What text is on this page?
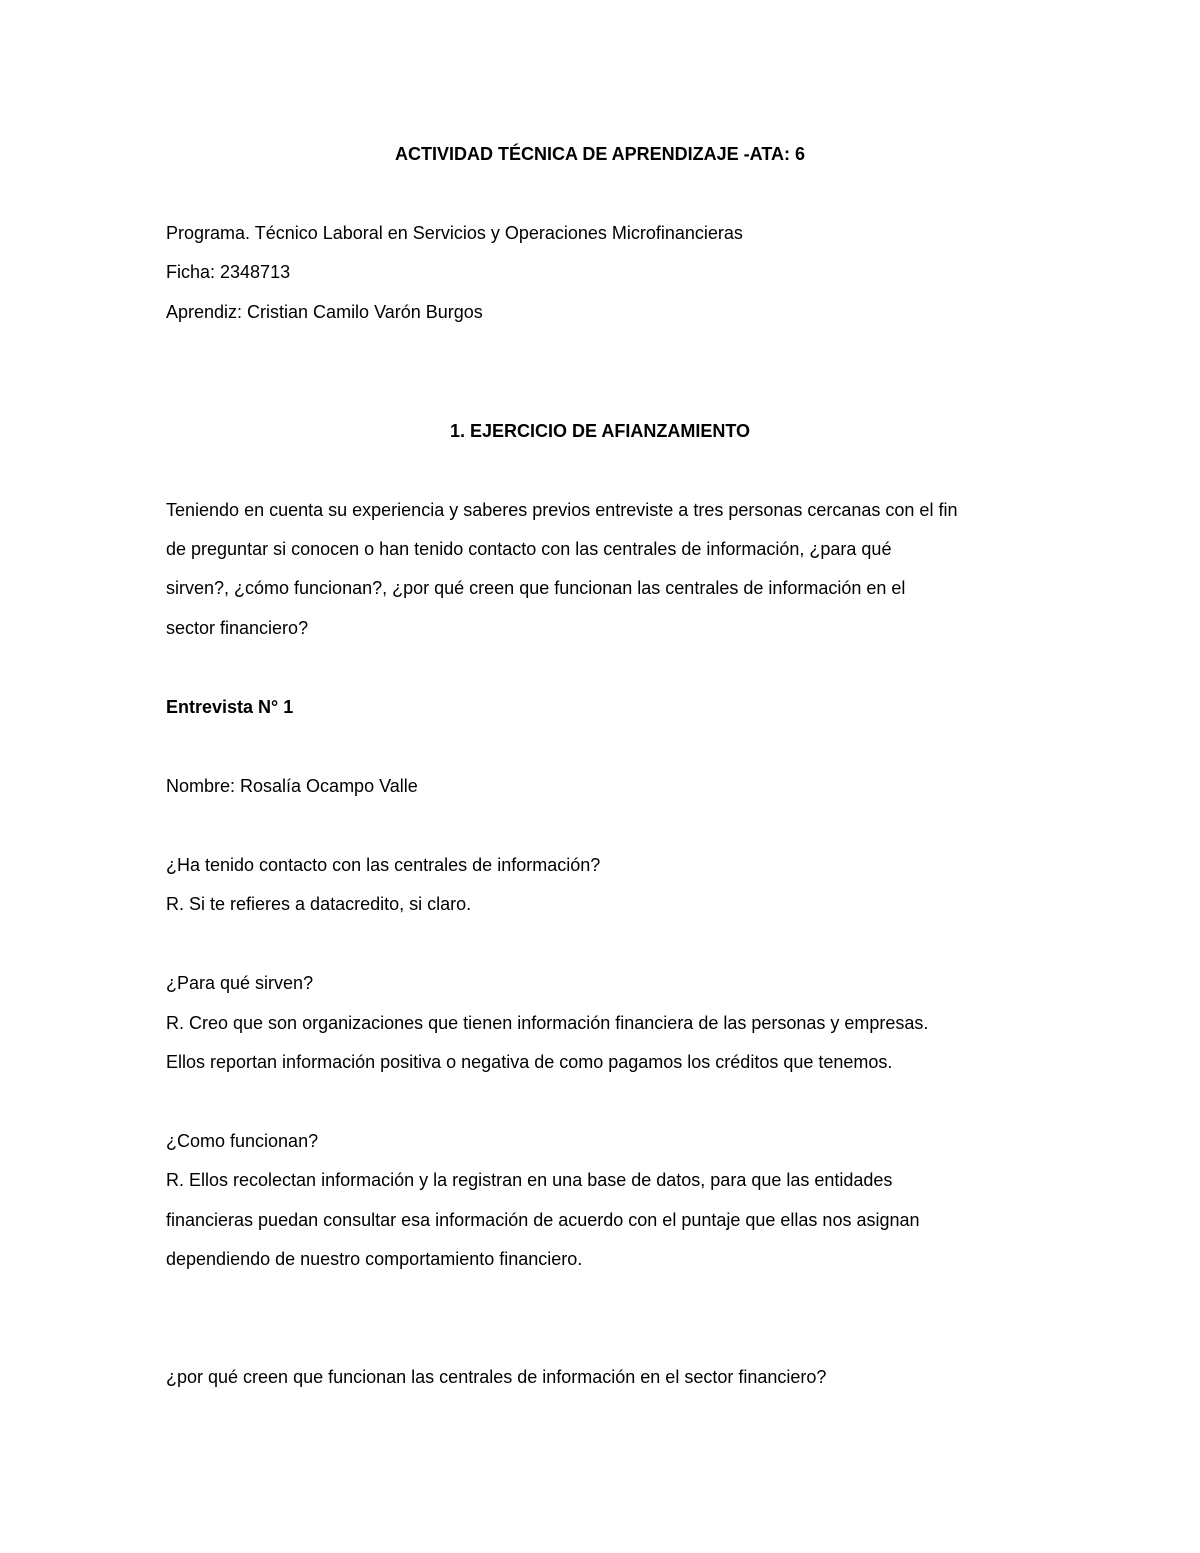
ACTIVIDAD TÉCNICA DE APRENDIZAJE -ATA: 6
Programa. Técnico Laboral en Servicios y Operaciones Microfinancieras
Ficha: 2348713
Aprendiz: Cristian Camilo Varón Burgos
1. EJERCICIO DE AFIANZAMIENTO
Teniendo en cuenta su experiencia y saberes previos entreviste a tres personas cercanas con el fin
de preguntar si conocen o han tenido contacto con las centrales de información, ¿para qué
sirven?, ¿cómo funcionan?, ¿por qué creen que funcionan las centrales de información en el
sector financiero?
Entrevista N° 1
Nombre: Rosalía Ocampo Valle
¿Ha tenido contacto con las centrales de información?
R. Si te refieres a datacredito, si claro.
¿Para qué sirven?
R. Creo que son organizaciones que tienen información financiera de las personas y empresas.
Ellos reportan información positiva o negativa de como pagamos los créditos que tenemos.
¿Como funcionan?
R. Ellos recolectan información y la registran en una base de datos, para que las entidades
financieras puedan consultar esa información de acuerdo con el puntaje que ellas nos asignan
dependiendo de nuestro comportamiento financiero.
¿por qué creen que funcionan las centrales de información en el sector financiero?
